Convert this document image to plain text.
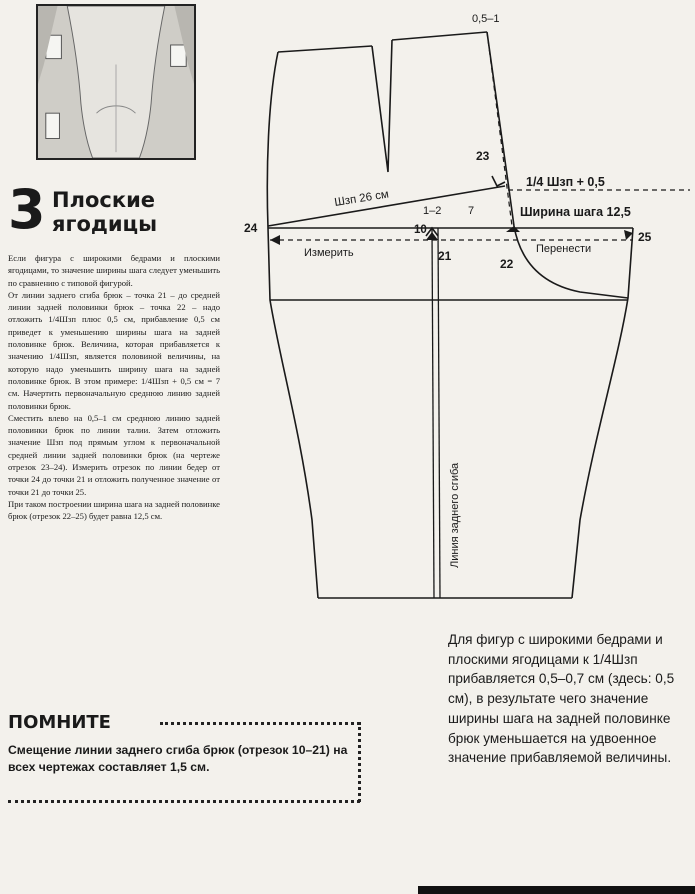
3 Плоские
ягодицы

Если фигура с широкими бедрами и плоскими ягодицами, то значение ширины шага следует уменьшить по сравнению с типовой фигурой.

От линии заднего сгиба брюк – точка 21 – до средней линии задней половинки брюк – точка 22 – надо отложить 1/4Шзп плюс 0,5 см, прибавление 0,5 см приведет к уменьшению ширины шага на задней половинке брюк. Величина, которая прибавляется к значению 1/4Шзп, является половиной величины, на которую надо уменьшить ширину шага на задней половинке брюк. В этом примере: 1/4Шзп + 0,5 см = 7 см. Начертить первоначальную среднюю линию задней половинки брюк.

Сместить влево на 0,5–1 см среднюю линию задней половинки брюк по линии талии. Затем отложить значение Шзп под прямым углом к первоначальной средней линии задней половинки брюк (на чертеже отрезок 23–24). Измерить отрезок по линии бедер от точки 24 до точки 21 и отложить полученное значение от точки 21 до точки 25.

При таком построении ширина шага на задней половинке брюк (отрезок 22–25) будет равна 12,5 см.

ПОМНИТЕ
Смещение линии заднего сгиба брюк (отрезок 10–21) на всех чертежах составляет 1,5 см.
0,5–1
23
1/4 Шзп + 0,5
Шзп 26 см
1–2 7	Ширина шага 12,5
24	10
Измерить	21	Перенести
25
22
Линия заднего сгиба
Для фигур с широкими бедрами и плоскими ягодицами к 1/4Шзп прибавляется 0,5–0,7 см (здесь: 0,5 см), в результате чего значение ширины шага на задней половинке брюк уменьшается на удвоенное значение прибавляемой величины.
